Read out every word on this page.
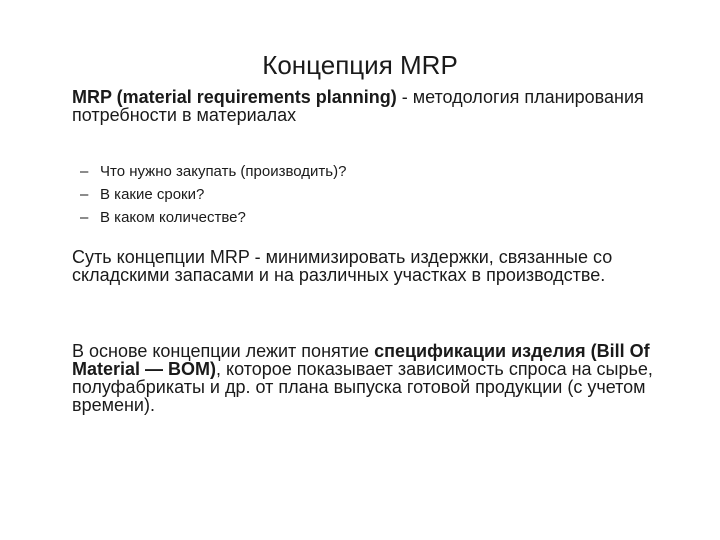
Концепция MRP
MRP (material requirements planning) - методология планирования потребности в материалах
– Что нужно закупать (производить)?
– В какие сроки?
– В каком количестве?
Суть концепции MRP - минимизировать издержки, связанные со складскими запасами и на различных участках в производстве.
В основе концепции лежит понятие спецификации изделия (Bill Of Material — BOM), которое показывает зависимость спроса на сырье, полуфабрикаты и др. от плана выпуска готовой продукции (с учетом времени).
